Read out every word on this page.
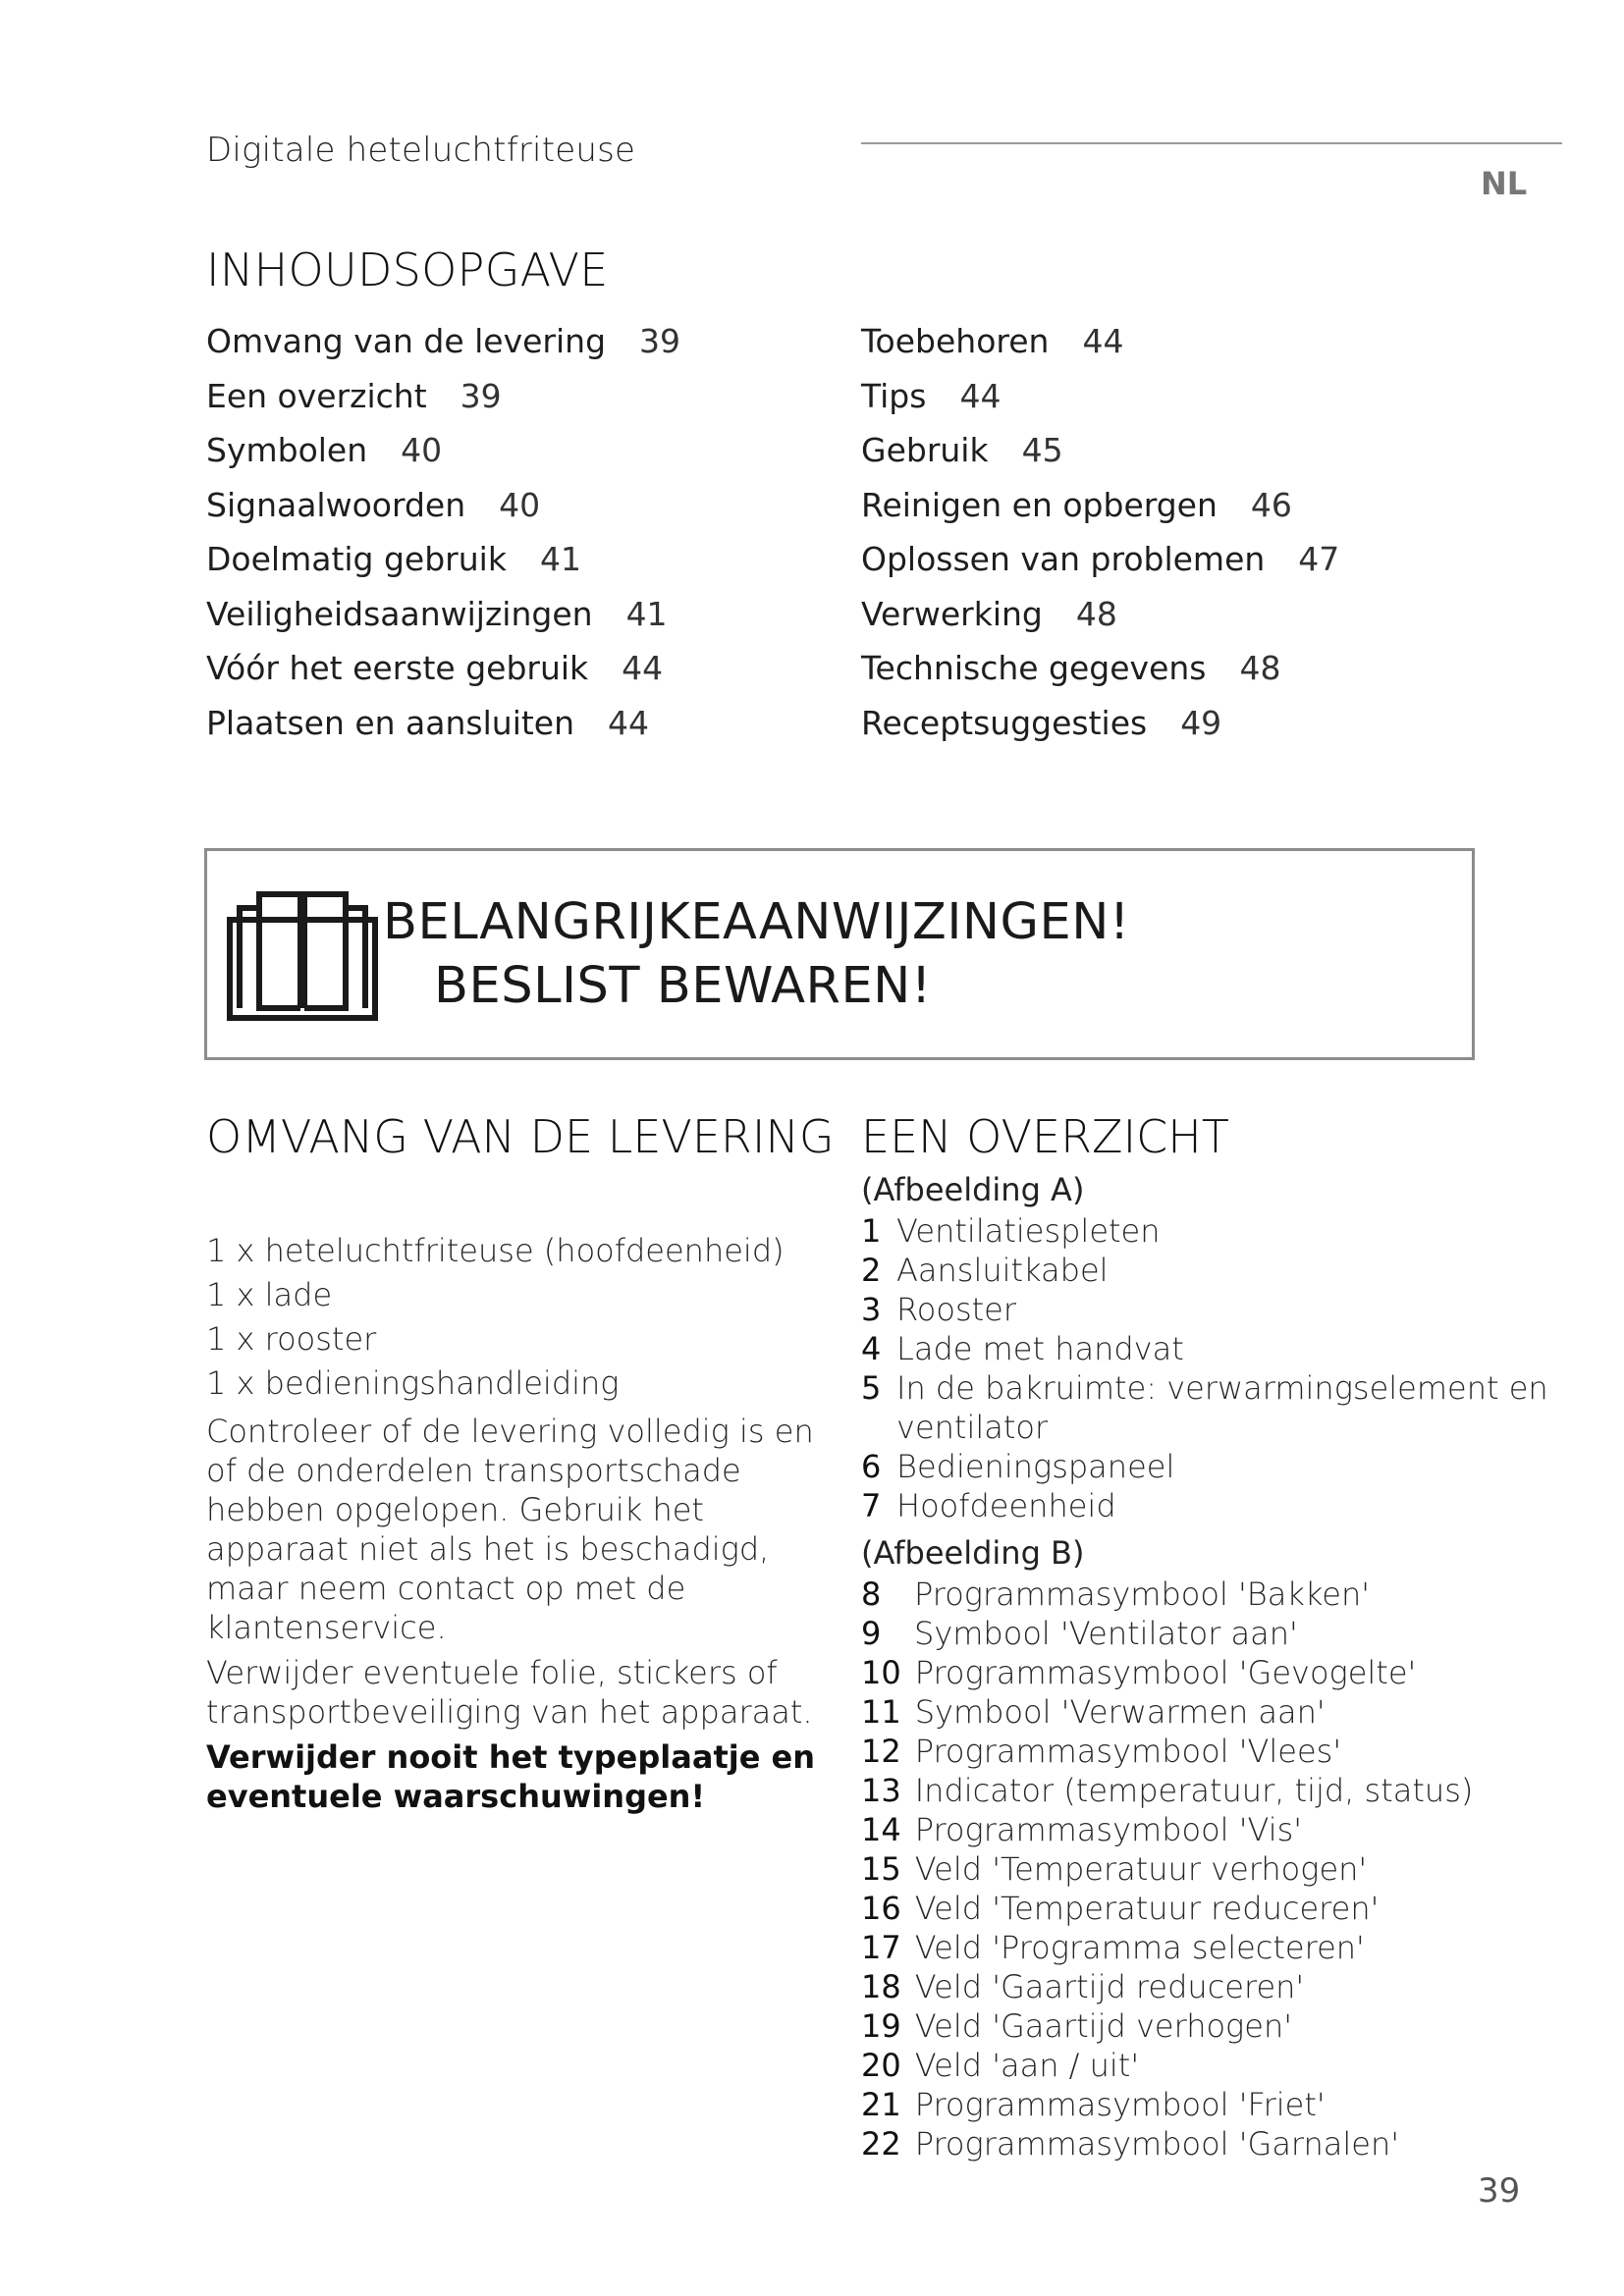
Digitale heteluchtfriteuse
NL
INHOUDSOPGAVE
Omvang van de levering 39
Een overzicht 39
Symbolen 40
Signaalwoorden 40
Doelmatig gebruik 41
Veiligheidsaanwijzingen 41
Vóór het eerste gebruik 44
Plaatsen en aansluiten 44
Toebehoren 44
Tips 44
Gebruik 45
Reinigen en opbergen 46
Oplossen van problemen 47
Verwerking 48
Technische gegevens 48
Receptsuggesties 49
BELANGRIJKEAANWIJZINGEN!
BESLIST BEWAREN!
OMVANG VAN DE LEVERING
1 x heteluchtfriteuse (hoofdeenheid)
1 x lade
1 x rooster
1 x bedieningshandleiding
Controleer of de levering volledig is en of de onderdelen transportschade hebben opgelopen. Gebruik het apparaat niet als het is beschadigd, maar neem contact op met de klantenservice.
Verwijder eventuele folie, stickers of transportbeveiliging van het apparaat.
Verwijder nooit het typeplaatje en eventuele waarschuwingen!
EEN OVERZICHT
(Afbeelding A)
1 Ventilatiespleten
2 Aansluitkabel
3 Rooster
4 Lade met handvat
5 In de bakruimte: verwarmingselement en ventilator
6 Bedieningspaneel
7 Hoofdeenheid
(Afbeelding B)
8	Programmasymbool 'Bakken'
9	Symbool 'Ventilator aan'
10 Programmasymbool 'Gevogelte'
11 Symbool 'Verwarmen aan'
12 Programmasymbool 'Vlees'
13 Indicator (temperatuur, tijd, status)
14 Programmasymbool 'Vis'
15 Veld 'Temperatuur verhogen'
16 Veld 'Temperatuur reduceren'
17 Veld 'Programma selecteren'
18 Veld 'Gaartijd reduceren'
19 Veld 'Gaartijd verhogen'
20 Veld 'aan / uit'
21 Programmasymbool 'Friet'
22 Programmasymbool 'Garnalen'
39
